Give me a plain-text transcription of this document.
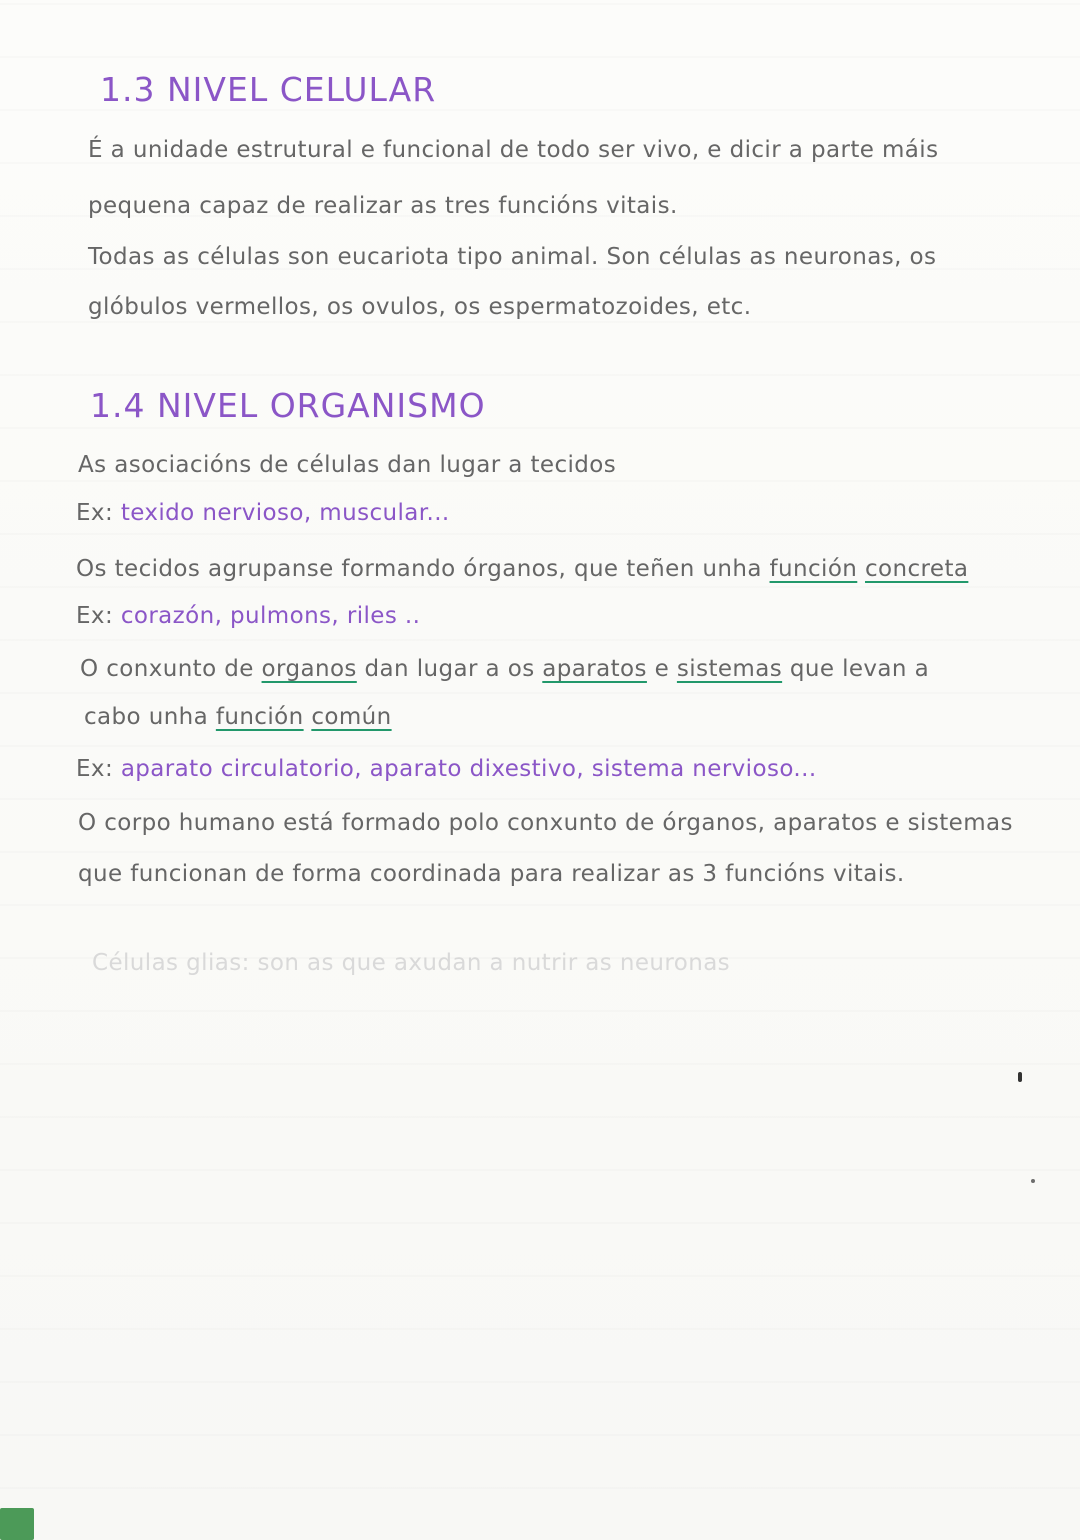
1.3 NIVEL CELULAR
É a unidade estrutural e funcional de todo ser vivo, e dicir a parte máis
pequena capaz de realizar as tres funcións vitais.
Todas as células son eucariota tipo animal. Son células as neuronas, os
glóbulos vermellos, os ovulos, os espermatozoides, etc.
1.4 NIVEL ORGANISMO
As asociacións de células dan lugar a tecidos
Ex: texido nervioso, muscular...
Os tecidos agrupanse formando órganos, que teñen unha función concreta
Ex: corazón, pulmons, riles ..
O conxunto de organos dan lugar a os aparatos e sistemas que levan a
cabo unha función común
Ex: aparato circulatorio, aparato dixestivo, sistema nervioso...
O corpo humano está formado polo conxunto de órganos, aparatos e sistemas
que funcionan de forma coordinada para realizar as 3 funcións vitais.
Células glias: son as que axudan a nutrir as neuronas
